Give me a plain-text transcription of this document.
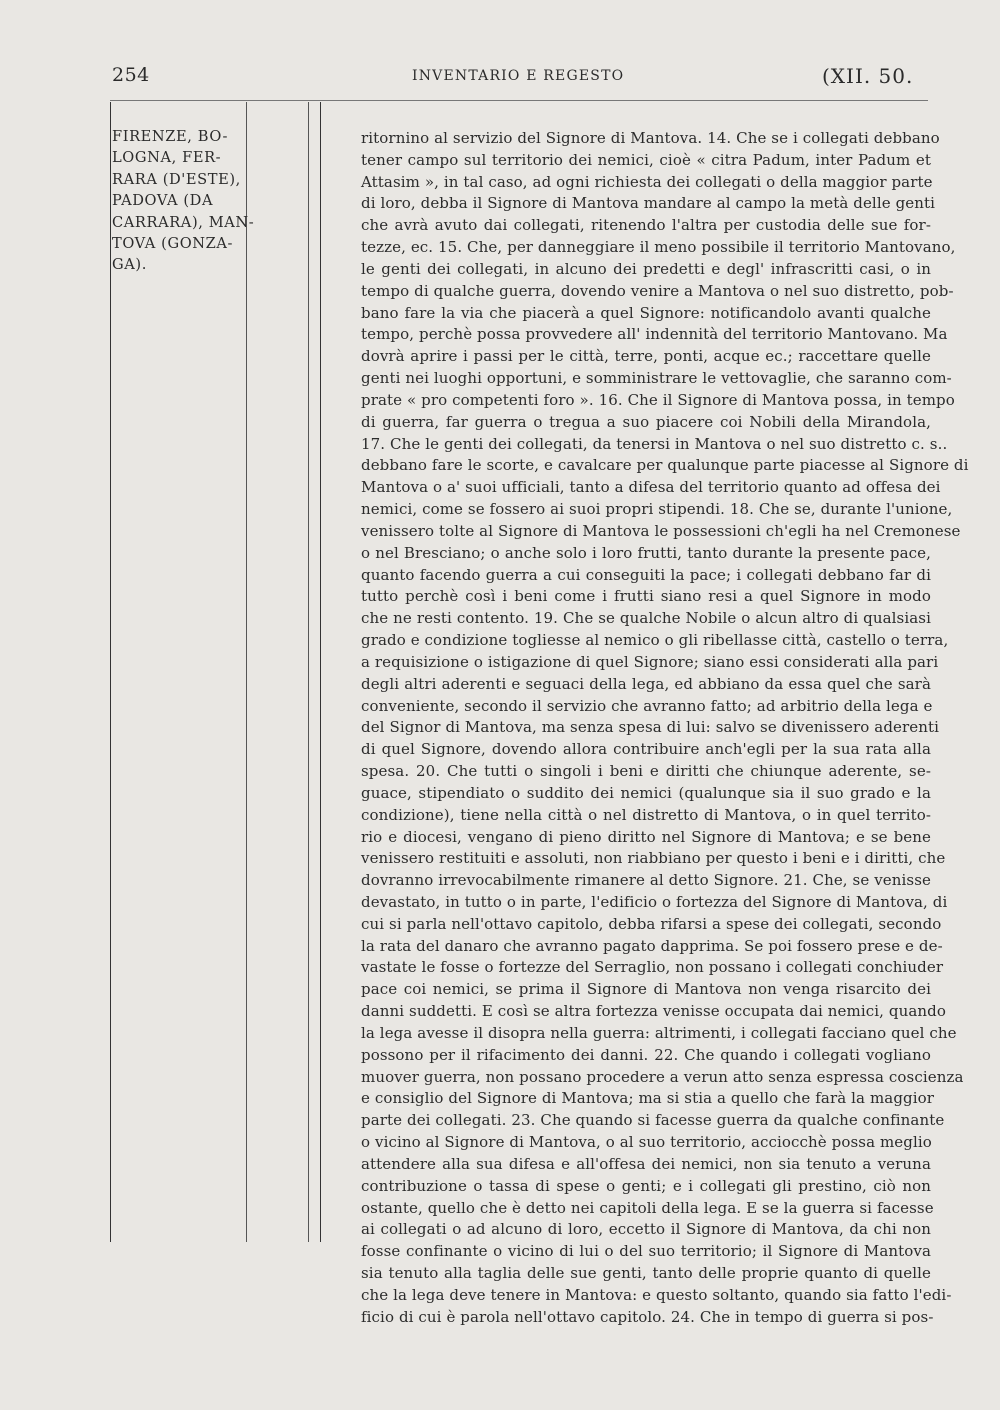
254	INVENTARIO E REGESTO	(XII. 50.
FIRENZE, BO-
LOGNA, FER-
RARA (D'ESTE),
PADOVA (DA
CARRARA), MAN-
TOVA (GONZA-
GA).
ritornino al servizio del Signore di Mantova. 14. Che se i collegati debbano
tener campo sul territorio dei nemici, cioè « citra Padum, inter Padum et
Attasim », in tal caso, ad ogni richiesta dei collegati o della maggior parte
di loro, debba il Signore di Mantova mandare al campo la metà delle genti
che avrà avuto dai collegati, ritenendo l'altra per custodia delle sue for-
tezze, ec. 15. Che, per danneggiare il meno possibile il territorio Mantovano,
le genti dei collegati, in alcuno dei predetti e degl' infrascritti casi, o in
tempo di qualche guerra, dovendo venire a Mantova o nel suo distretto, pob-
bano fare la via che piacerà a quel Signore: notificandolo avanti qualche
tempo, perchè possa provvedere all' indennità del territorio Mantovano. Ma
dovrà aprire i passi per le città, terre, ponti, acque ec.; raccettare quelle
genti nei luoghi opportuni, e somministrare le vettovaglie, che saranno com-
prate « pro competenti foro ». 16. Che il Signore di Mantova possa, in tempo
di guerra, far guerra o tregua a suo piacere coi Nobili della Mirandola,
17. Che le genti dei collegati, da tenersi in Mantova o nel suo distretto c. s..
debbano fare le scorte, e cavalcare per qualunque parte piacesse al Signore di
Mantova o a' suoi ufficiali, tanto a difesa del territorio quanto ad offesa dei
nemici, come se fossero ai suoi propri stipendi. 18. Che se, durante l'unione,
venissero tolte al Signore di Mantova le possessioni ch'egli ha nel Cremonese
o nel Bresciano; o anche solo i loro frutti, tanto durante la presente pace,
quanto facendo guerra a cui conseguiti la pace; i collegati debbano far di
tutto perchè così i beni come i frutti siano resi a quel Signore in modo
che ne resti contento. 19. Che se qualche Nobile o alcun altro di qualsiasi
grado e condizione togliesse al nemico o gli ribellasse città, castello o terra,
a requisizione o istigazione di quel Signore; siano essi considerati alla pari
degli altri aderenti e seguaci della lega, ed abbiano da essa quel che sarà
conveniente, secondo il servizio che avranno fatto; ad arbitrio della lega e
del Signor di Mantova, ma senza spesa di lui: salvo se divenissero aderenti
di quel Signore, dovendo allora contribuire anch'egli per la sua rata alla
spesa. 20. Che tutti o singoli i beni e diritti che chiunque aderente, se-
guace, stipendiato o suddito dei nemici (qualunque sia il suo grado e la
condizione), tiene nella città o nel distretto di Mantova, o in quel territo-
rio e diocesi, vengano di pieno diritto nel Signore di Mantova; e se bene
venissero restituiti e assoluti, non riabbiano per questo i beni e i diritti, che
dovranno irrevocabilmente rimanere al detto Signore. 21. Che, se venisse
devastato, in tutto o in parte, l'edificio o fortezza del Signore di Mantova, di
cui si parla nell'ottavo capitolo, debba rifarsi a spese dei collegati, secondo
la rata del danaro che avranno pagato dapprima. Se poi fossero prese e de-
vastate le fosse o fortezze del Serraglio, non possano i collegati conchiuder
pace coi nemici, se prima il Signore di Mantova non venga risarcito dei
danni suddetti. E così se altra fortezza venisse occupata dai nemici, quando
la lega avesse il disopra nella guerra: altrimenti, i collegati facciano quel che
possono per il rifacimento dei danni. 22. Che quando i collegati vogliano
muover guerra, non possano procedere a verun atto senza espressa coscienza
e consiglio del Signore di Mantova; ma si stia a quello che farà la maggior
parte dei collegati. 23. Che quando si facesse guerra da qualche confinante
o vicino al Signore di Mantova, o al suo territorio, acciocchè possa meglio
attendere alla sua difesa e all'offesa dei nemici, non sia tenuto a veruna
contribuzione o tassa di spese o genti; e i collegati gli prestino, ciò non
ostante, quello che è detto nei capitoli della lega. E se la guerra si facesse
ai collegati o ad alcuno di loro, eccetto il Signore di Mantova, da chi non
fosse confinante o vicino di lui o del suo territorio; il Signore di Mantova
sia tenuto alla taglia delle sue genti, tanto delle proprie quanto di quelle
che la lega deve tenere in Mantova: e questo soltanto, quando sia fatto l'edi-
ficio di cui è parola nell'ottavo capitolo. 24. Che in tempo di guerra si pos-
